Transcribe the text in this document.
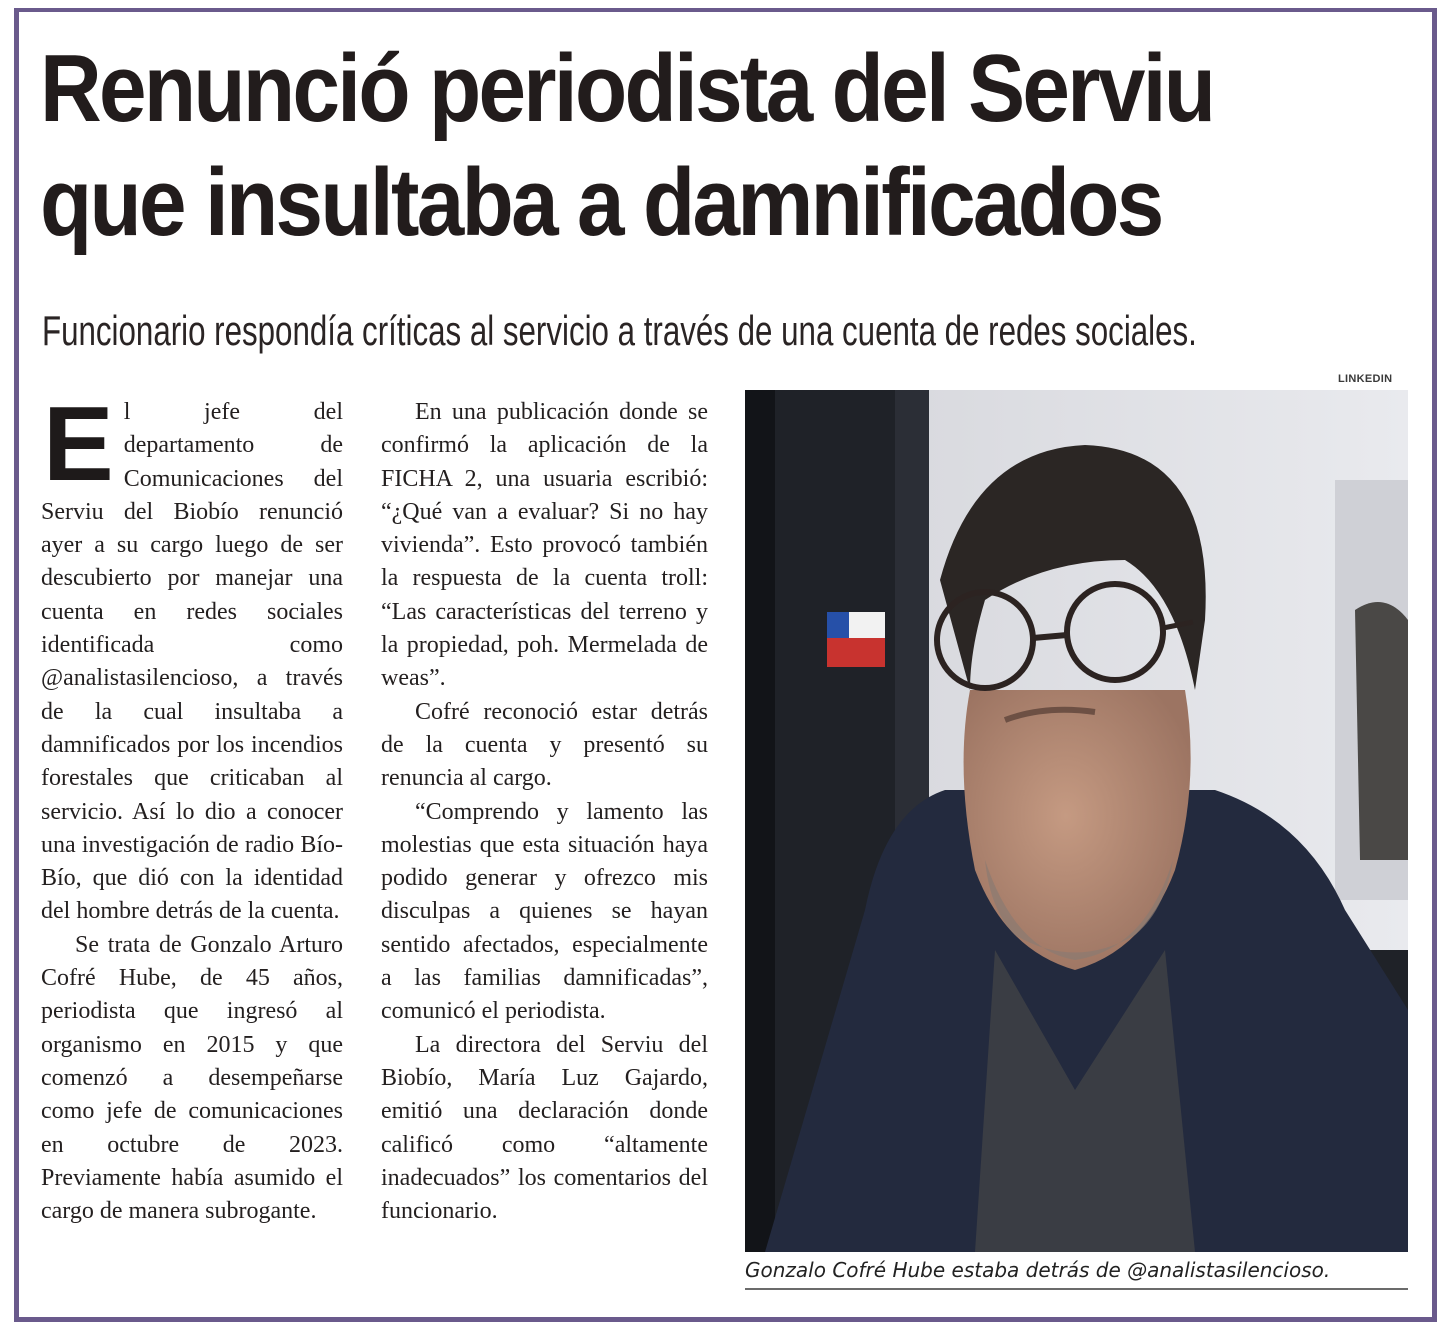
Renunció periodista del Serviu
que insultaba a damnificados
Funcionario respondía críticas al servicio a través de una cuenta de redes sociales.

El jefe del departamento de Comunicaciones del Serviu del Biobío renunció ayer a su cargo luego de ser descubierto por manejar una cuenta en redes sociales identificada como @analistasilencioso, a través de la cual insultaba a damnificados por los incendios forestales que criticaban al servicio. Así lo dio a conocer una investigación de radio Bío-Bío, que dió con la identidad del hombre detrás de la cuenta.

Se trata de Gonzalo Arturo Cofré Hube, de 45 años, periodista que ingresó al organismo en 2015 y que comenzó a desempeñarse como jefe de comunicaciones en octubre de 2023. Previamente había asumido el cargo de manera subrogante.

En una publicación donde se confirmó la aplicación de la FICHA 2, una usuaria escribió: “¿Qué van a evaluar? Si no hay vivienda”. Esto provocó también la respuesta de la cuenta troll: “Las características del terreno y la propiedad, poh. Mermelada de weas”.

Cofré reconoció estar detrás de la cuenta y presentó su renuncia al cargo.

“Comprendo y lamento las molestias que esta situación haya podido generar y ofrezco mis disculpas a quienes se hayan sentido afectados, especialmente a las familias damnificadas”, comunicó el periodista.

La directora del Serviu del Biobío, María Luz Gajardo, emitió una declaración donde calificó como “altamente inadecuados” los comentarios del funcionario.

LINKEDIN
Gonzalo Cofré Hube estaba detrás de @analistasilencioso.
